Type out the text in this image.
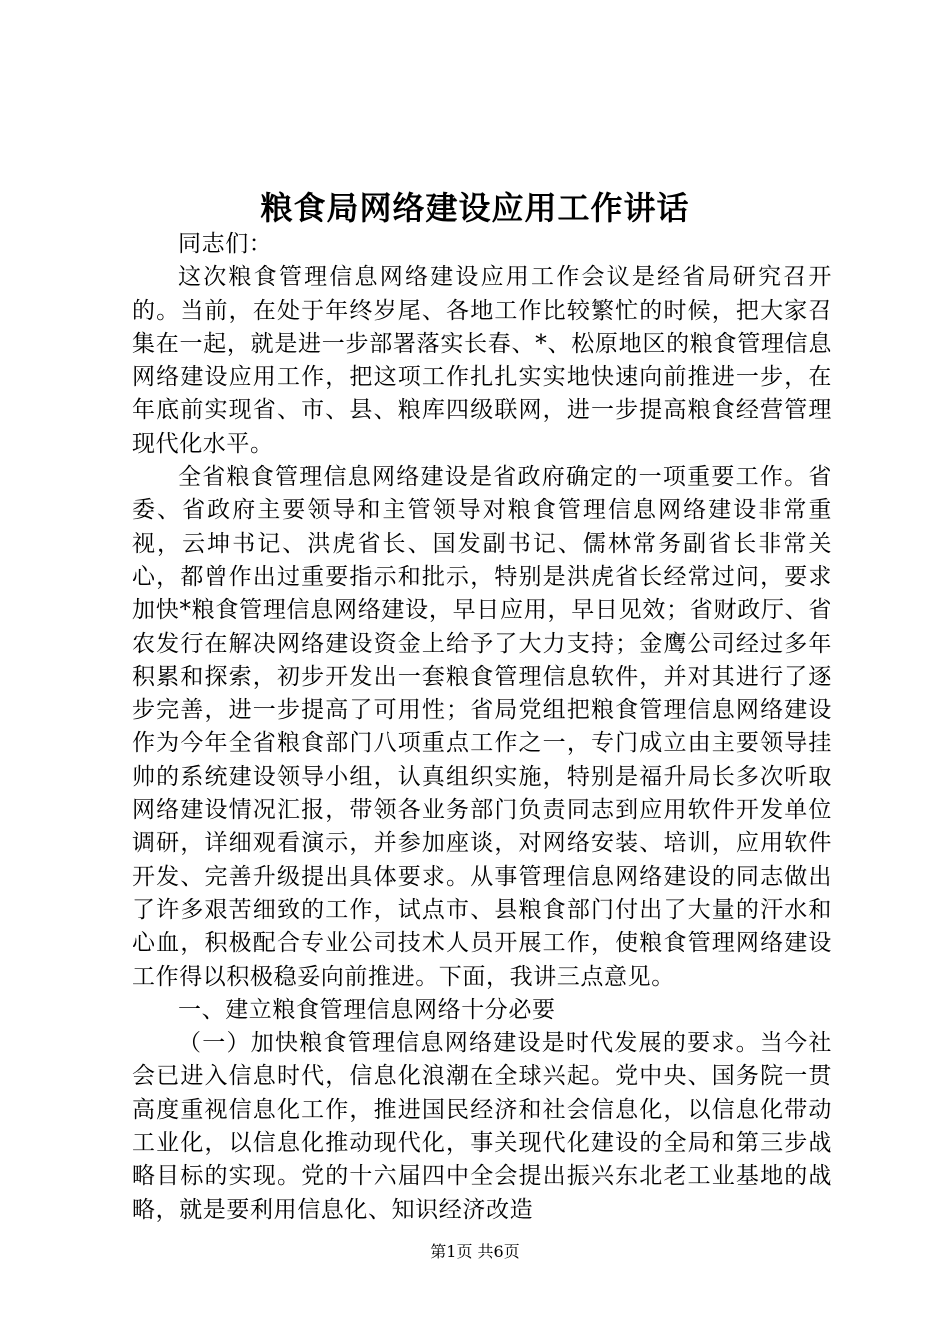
粮食局网络建设应用工作讲话

同志们：

这次粮食管理信息网络建设应用工作会议是经省局研究召开的。当前，在处于年终岁尾、各地工作比较繁忙的时候，把大家召集在一起，就是进一步部署落实长春、*、松原地区的粮食管理信息网络建设应用工作，把这项工作扎扎实实地快速向前推进一步，在年底前实现省、市、县、粮库四级联网，进一步提高粮食经营管理现代化水平。

全省粮食管理信息网络建设是省政府确定的一项重要工作。省委、省政府主要领导和主管领导对粮食管理信息网络建设非常重视，云坤书记、洪虎省长、国发副书记、儒林常务副省长非常关心，都曾作出过重要指示和批示，特别是洪虎省长经常过问，要求加快*粮食管理信息网络建设，早日应用，早日见效；省财政厅、省农发行在解决网络建设资金上给予了大力支持；金鹰公司经过多年积累和探索，初步开发出一套粮食管理信息软件，并对其进行了逐步完善，进一步提高了可用性；省局党组把粮食管理信息网络建设作为今年全省粮食部门八项重点工作之一，专门成立由主要领导挂帅的系统建设领导小组，认真组织实施，特别是福升局长多次听取网络建设情况汇报，带领各业务部门负责同志到应用软件开发单位调研，详细观看演示，并参加座谈，对网络安装、培训，应用软件开发、完善升级提出具体要求。从事管理信息网络建设的同志做出了许多艰苦细致的工作，试点市、县粮食部门付出了大量的汗水和心血，积极配合专业公司技术人员开展工作，使粮食管理网络建设工作得以积极稳妥向前推进。下面，我讲三点意见。

一、建立粮食管理信息网络十分必要

（一）加快粮食管理信息网络建设是时代发展的要求。当今社会已进入信息时代，信息化浪潮在全球兴起。党中央、国务院一贯高度重视信息化工作，推进国民经济和社会信息化，以信息化带动工业化，以信息化推动现代化，事关现代化建设的全局和第三步战略目标的实现。党的十六届四中全会提出振兴东北老工业基地的战略，就是要利用信息化、知识经济改造

第1页 共6页
